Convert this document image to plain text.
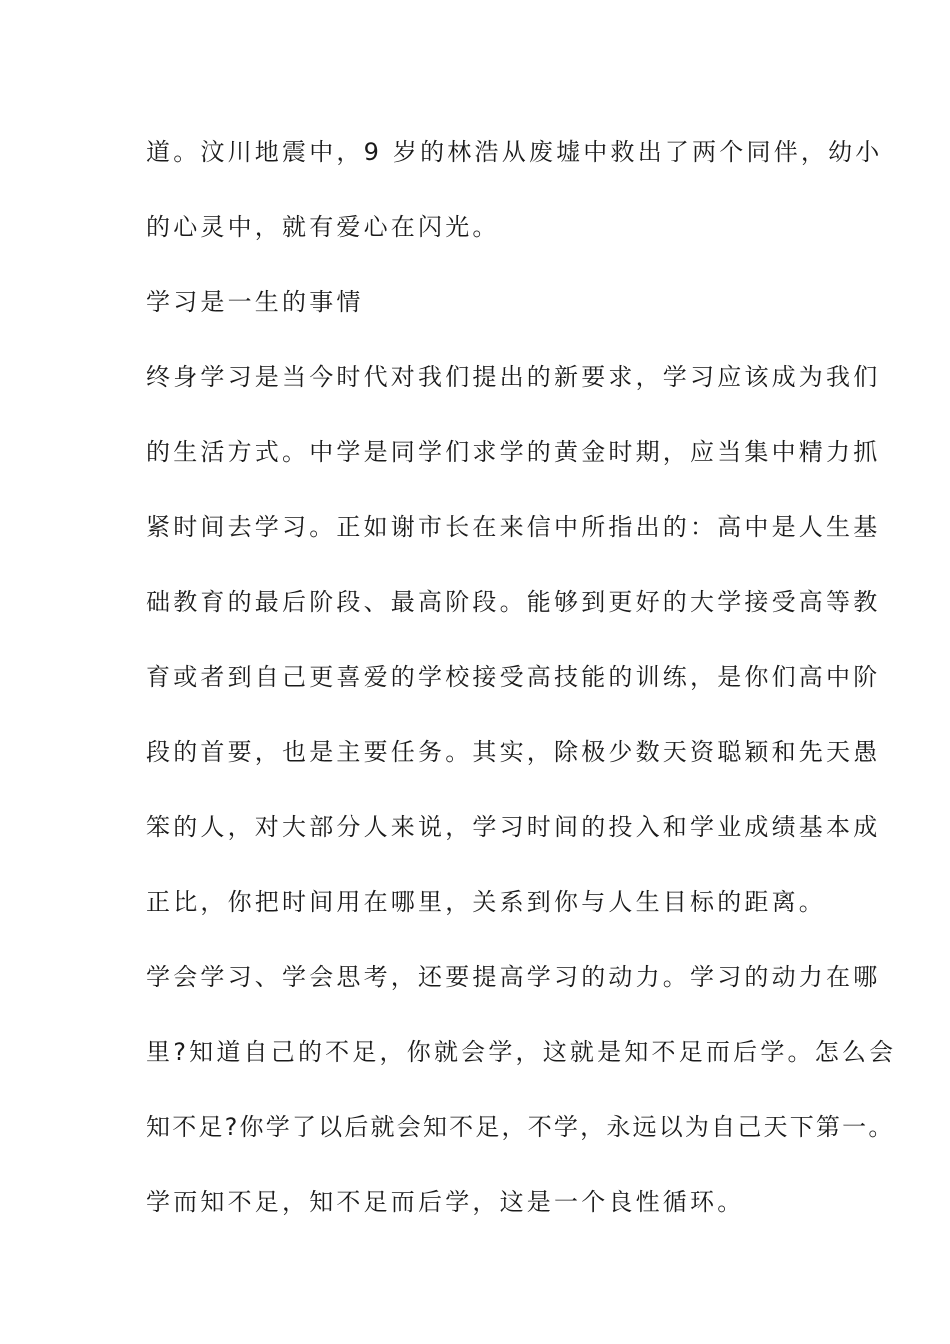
道。汶川地震中，9 岁的林浩从废墟中救出了两个同伴，幼小
的心灵中，就有爱心在闪光。
学习是一生的事情
终身学习是当今时代对我们提出的新要求，学习应该成为我们
的生活方式。中学是同学们求学的黄金时期，应当集中精力抓
紧时间去学习。正如谢市长在来信中所指出的：高中是人生基
础教育的最后阶段、最高阶段。能够到更好的大学接受高等教
育或者到自己更喜爱的学校接受高技能的训练，是你们高中阶
段的首要，也是主要任务。其实，除极少数天资聪颖和先天愚
笨的人，对大部分人来说，学习时间的投入和学业成绩基本成
正比，你把时间用在哪里，关系到你与人生目标的距离。
学会学习、学会思考，还要提高学习的动力。学习的动力在哪
里?知道自己的不足，你就会学，这就是知不足而后学。怎么会
知不足?你学了以后就会知不足，不学，永远以为自己天下第一。
学而知不足，知不足而后学，这是一个良性循环。
